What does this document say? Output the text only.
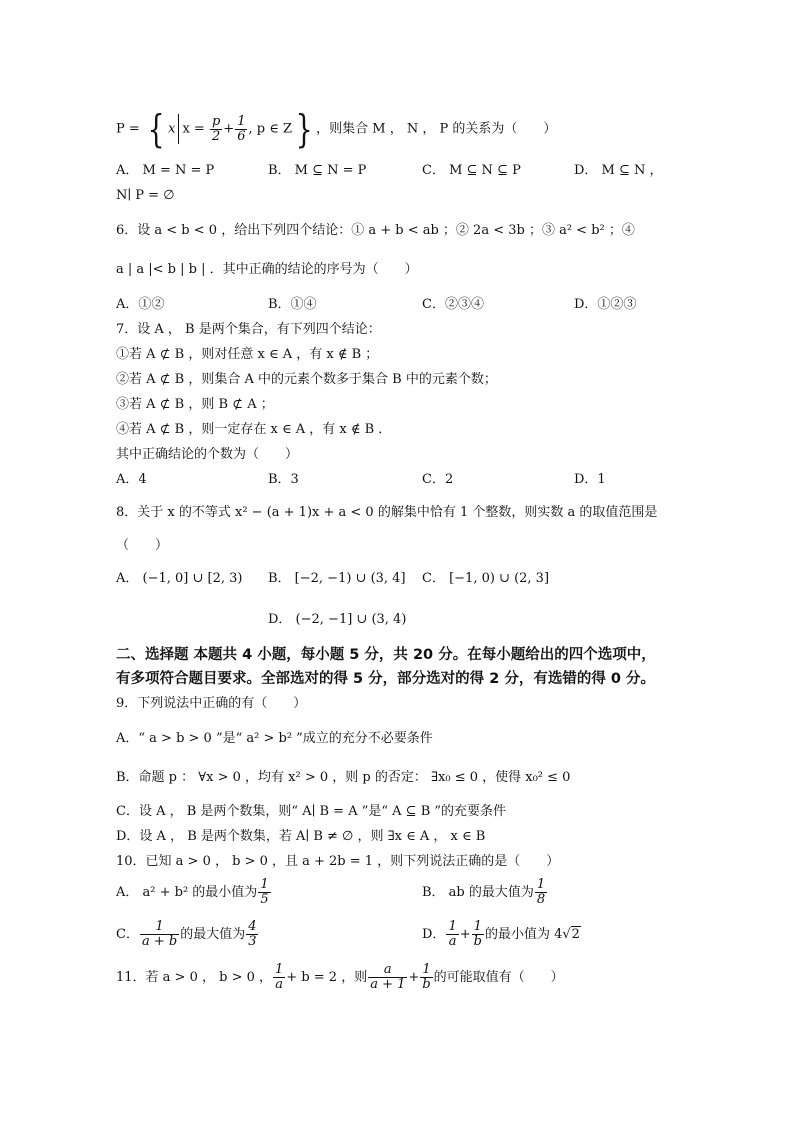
P = { x $x = \frac{p}{2} + \frac{1}{6}$ , p ∈ Z} ，则集合 M ， N ， P 的关系为（　　）
A． M = N = P	B． M ⊆ N = P	C． M ⊆ N ⊆ P	D． M ⊆ N ，
N∣ P = ∅
6．设 a < b < 0 ，给出下列四个结论：① a + b < ab ；② 2a < 3b ；③ a² < b² ；④
a | a |< b | b | ．其中正确的结论的序号为（　　）
A．①②	B．①④	C．②③④	D．①②③
7．设 A ， B 是两个集合，有下列四个结论：
①若 A ⊄ B ，则对任意 x ∈ A ，有 x ∉ B ；
②若 A ⊄ B ，则集合 A 中的元素个数多于集合 B 中的元素个数；
③若 A ⊄ B ，则 B ⊄ A ；
④若 A ⊄ B ，则一定存在 x ∈ A ，有 x ∉ B ．
其中正确结论的个数为（　　）
A．4	B．3	C．2	D．1
8．关于 x 的不等式 x² − (a + 1)x + a < 0 的解集中恰有 1 个整数，则实数 a 的取值范围是
（　　）
A． (−1, 0] ∪ [2, 3) B． [−2, −1) ∪ (3, 4] C． [−1, 0) ∪ (2, 3]
D． (−2, −1] ∪ (3, 4)
二、选择题 本题共 4 小题，每小题 5 分，共 20 分。在每小题给出的四个选项中，
有多项符合题目要求。全部选对的得 5 分，部分选对的得 2 分，有选错的得 0 分。
9．下列说法中正确的有（　　）
A．“ a > b > 0 ”是“ a² > b² ”成立的充分不必要条件
B．命题 p ： ∀x > 0 ，均有 x² > 0 ，则 p 的否定： ∃x₀ ≤ 0 ，使得 x₀² ≤ 0
C．设 A ， B 是两个数集，则“ A∣ B = A ”是“ A ⊆ B ”的充要条件
D．设 A ， B 是两个数集，若 A∣ B ≠ ∅ ，则 ∃x ∈ A ， x ∈ B
10．已知 a > 0 ， b > 0 ，且 a + 2b = 1 ，则下列说法正确的是（　　）
A． a² + b² 的最小值为 $\frac{1}{5}$	B． ab 的最大值为 $\frac{1}{8}$
C． $\frac{1}{a + b}$ 的最大值为 $\frac{4}{3}$	D． $\frac{1}{a} + \frac{1}{b}$ 的最小值为 4√2
11．若 a > 0 ， b > 0 ， $\frac{1}{a} + b = 2$ ，则 $\frac{a}{a + 1} + \frac{1}{b}$ 的可能取值有（　　）
